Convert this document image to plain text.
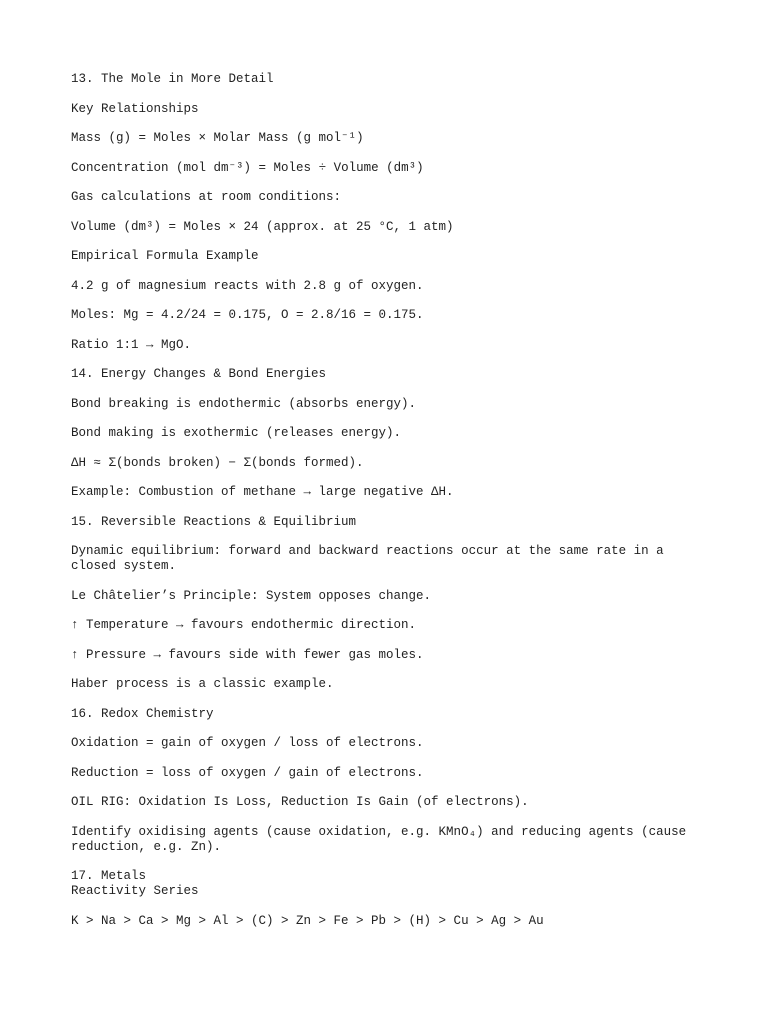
13. The Mole in More Detail
Key Relationships
Mass (g) = Moles × Molar Mass (g mol⁻¹)
Concentration (mol dm⁻³) = Moles ÷ Volume (dm³)
Gas calculations at room conditions:
Volume (dm³) = Moles × 24 (approx. at 25 °C, 1 atm)
Empirical Formula Example
4.2 g of magnesium reacts with 2.8 g of oxygen.
Moles: Mg = 4.2/24 = 0.175, O = 2.8/16 = 0.175.
Ratio 1:1 → MgO.
14. Energy Changes & Bond Energies
Bond breaking is endothermic (absorbs energy).
Bond making is exothermic (releases energy).
ΔH ≈ Σ(bonds broken) − Σ(bonds formed).
Example: Combustion of methane → large negative ΔH.
15. Reversible Reactions & Equilibrium
Dynamic equilibrium: forward and backward reactions occur at the same rate in a closed system.
Le Châtelier’s Principle: System opposes change.
↑ Temperature → favours endothermic direction.
↑ Pressure → favours side with fewer gas moles.
Haber process is a classic example.
16. Redox Chemistry
Oxidation = gain of oxygen / loss of electrons.
Reduction = loss of oxygen / gain of electrons.
OIL RIG: Oxidation Is Loss, Reduction Is Gain (of electrons).
Identify oxidising agents (cause oxidation, e.g. KMnO₄) and reducing agents (cause reduction, e.g. Zn).
17. Metals
Reactivity Series
K > Na > Ca > Mg > Al > (C) > Zn > Fe > Pb > (H) > Cu > Ag > Au
